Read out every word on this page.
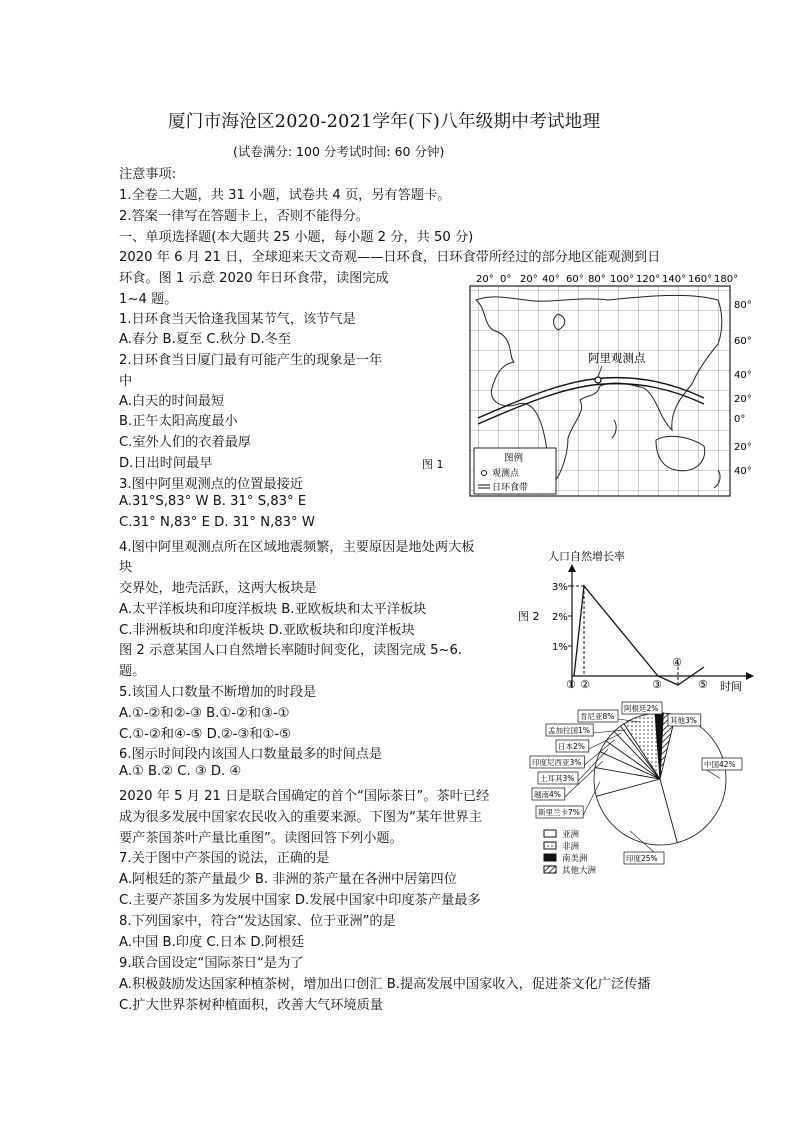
厦门市海沧区2020-2021学年(下)八年级期中考试地理
(试卷满分: 100 分考试时间: 60 分钟)
注意事项:
1.全卷二大题，共 31 小题，试卷共 4 页，另有答题卡。
2.答案一律写在答题卡上，否则不能得分。
一、单项选择题(本大题共 25 小题，每小题 2 分，共 50 分)
2020 年 6 月 21 日，全球迎来天文奇观——日环食，日环食带所经过的部分地区能观测到日
环食。图 1 示意 2020 年日环食带，读图完成
1~4 题。
1.日环食当天恰逢我国某节气，该节气是
A.春分 B.夏至 C.秋分 D.冬至
2.日环食当日厦门最有可能产生的现象是一年
中
A.白天的时间最短
B.正午太阳高度最小
C.室外人们的衣着最厚
D.日出时间最早
3.图中阿里观测点的位置最接近
A.31°S,83° W B. 31° S,83° E
C.31° N,83° E D. 31° N,83° W
4.图中阿里观测点所在区域地震频繁，主要原因是地处两大板
块
交界处，地壳活跃，这两大板块是
A.太平洋板块和印度洋板块 B.亚欧板块和太平洋板块
C.非洲板块和印度洋板块 D.亚欧板块和印度洋板块
图 2 示意某国人口自然增长率随时间变化，读图完成 5~6.
题。
5.该国人口数量不断增加的时段是
A.①-②和②-③ B.①-②和③-①
C.①-②和④-⑤ D.②-③和①-⑤
6.图示时间段内该国人口数量最多的时间点是
A.① B.② C. ③ D. ④
2020 年 5 月 21 日是联合国确定的首个“国际茶日”。茶叶已经
成为很多发展中国家农民收入的重要来源。下图为“某年世界主
要产茶国茶叶产量比重图”。读图回答下列小题。
7.关于图中产茶国的说法，正确的是
A.阿根廷的茶产量最少 B. 非洲的茶产量在各洲中居第四位
C.主要产茶国多为发展中国家 D.发展中国家中印度茶产量最多
8.下列国家中，符合“发达国家、位于亚洲”的是
A.中国 B.印度 C.日本 D.阿根廷
9.联合国设定“国际茶日“是为了
A.积极鼓励发达国家种植茶树，增加出口创汇 B.提高发展中国家收入，促进茶文化广泛传播
C.扩大世界茶树种植面积，改善大气环境质量
20° 0° 20° 40° 60° 80° 100° 120° 140° 160° 180°
阿里观测点
80°
60°
40°
20°
0°
20°
40°
图例
观测点
日环食带
图 1
图 2
人口自然增长率
时间
3%
2%
1%
① ②	③
④
⑤
中国42%
印度25%
斯里兰卡7%
越南4%
土耳其3%
印度尼西亚3%
日本2%
孟加拉国1%
肯尼亚8%
阿根廷2%
其他3%
亚洲
非洲
南美洲
其他大洲
